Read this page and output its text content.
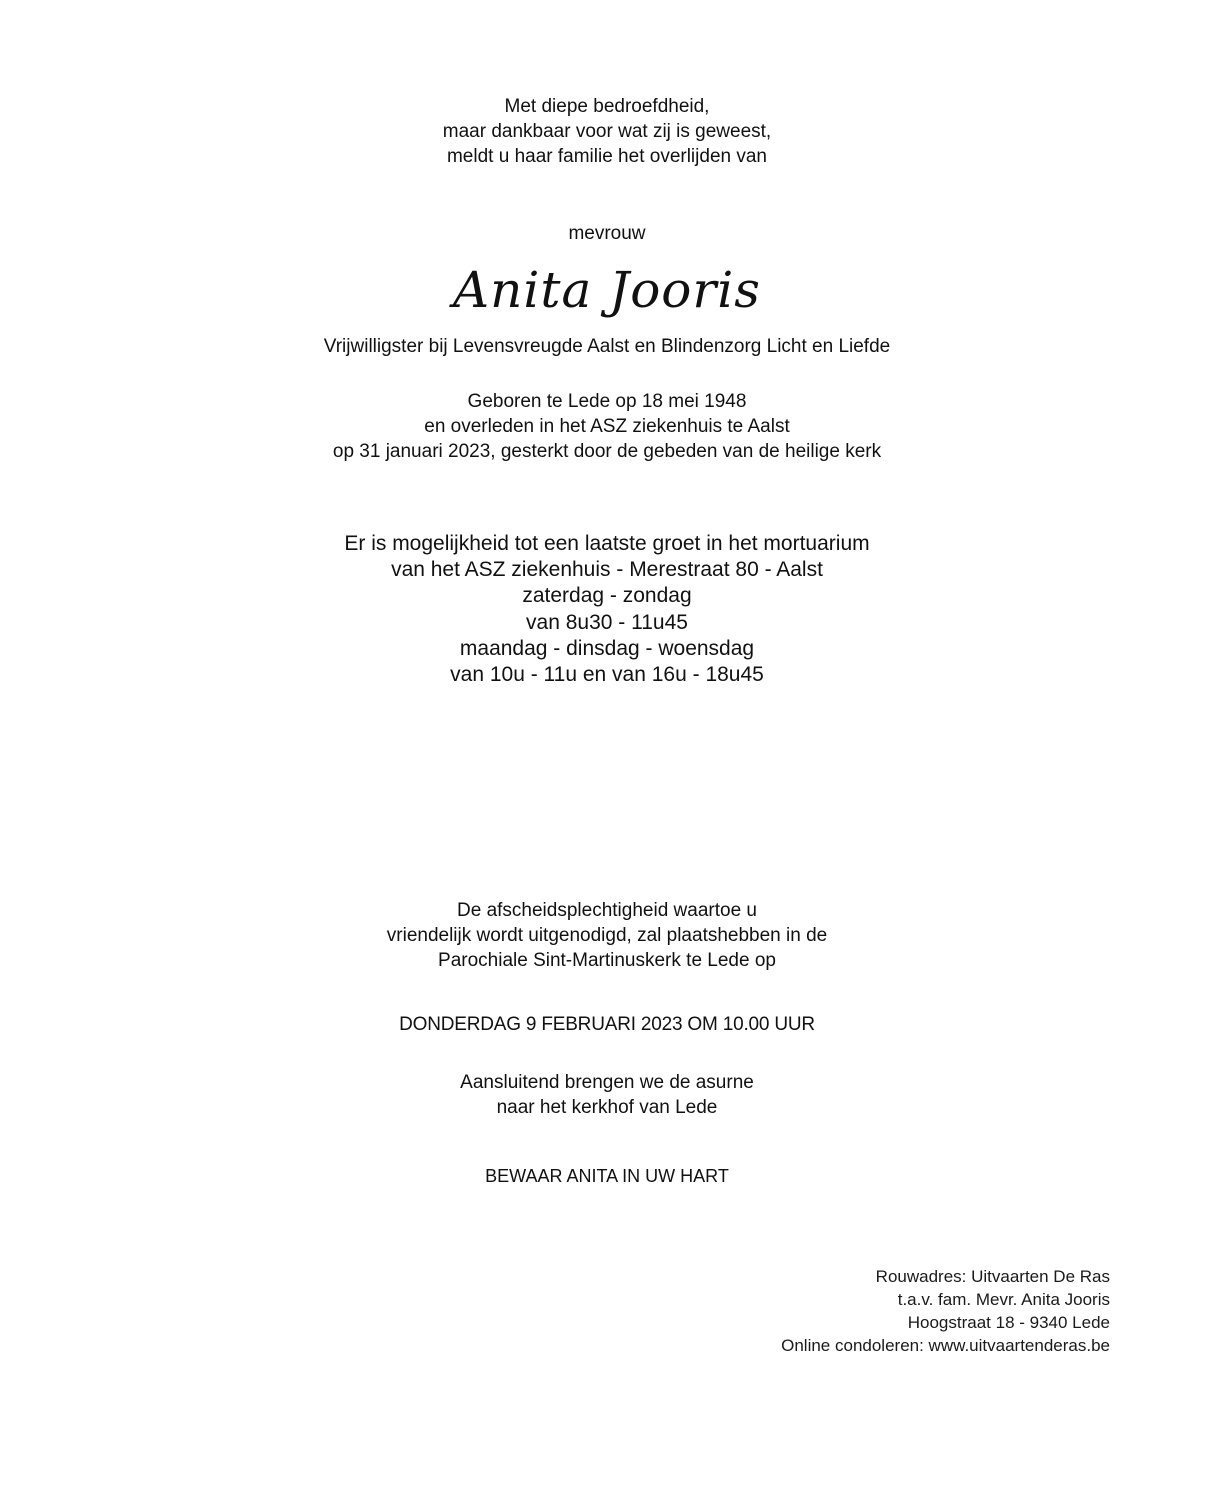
Met diepe bedroefdheid,
maar dankbaar voor wat zij is geweest,
meldt u haar familie het overlijden van
mevrouw
Anita Jooris
Vrijwilligster bij Levensvreugde Aalst en Blindenzorg Licht en Liefde
Geboren te Lede op 18 mei 1948
en overleden in het ASZ ziekenhuis te Aalst
op 31 januari 2023, gesterkt door de gebeden van de heilige kerk
Er is mogelijkheid tot een laatste groet in het mortuarium
van het ASZ ziekenhuis - Merestraat 80 - Aalst
zaterdag - zondag
van 8u30 - 11u45
maandag - dinsdag - woensdag
van 10u - 11u en van 16u - 18u45
De afscheidsplechtigheid waartoe u
vriendelijk wordt uitgenodigd, zal plaatshebben in de
Parochiale Sint-Martinuskerk te Lede op
DONDERDAG 9 FEBRUARI 2023 OM 10.00 UUR
Aansluitend brengen we de asurne
naar het kerkhof van Lede
BEWAAR ANITA IN UW HART
Rouwadres: Uitvaarten De Ras
t.a.v. fam. Mevr. Anita Jooris
Hoogstraat 18 - 9340 Lede
Online condoleren: www.uitvaartenderas.be
